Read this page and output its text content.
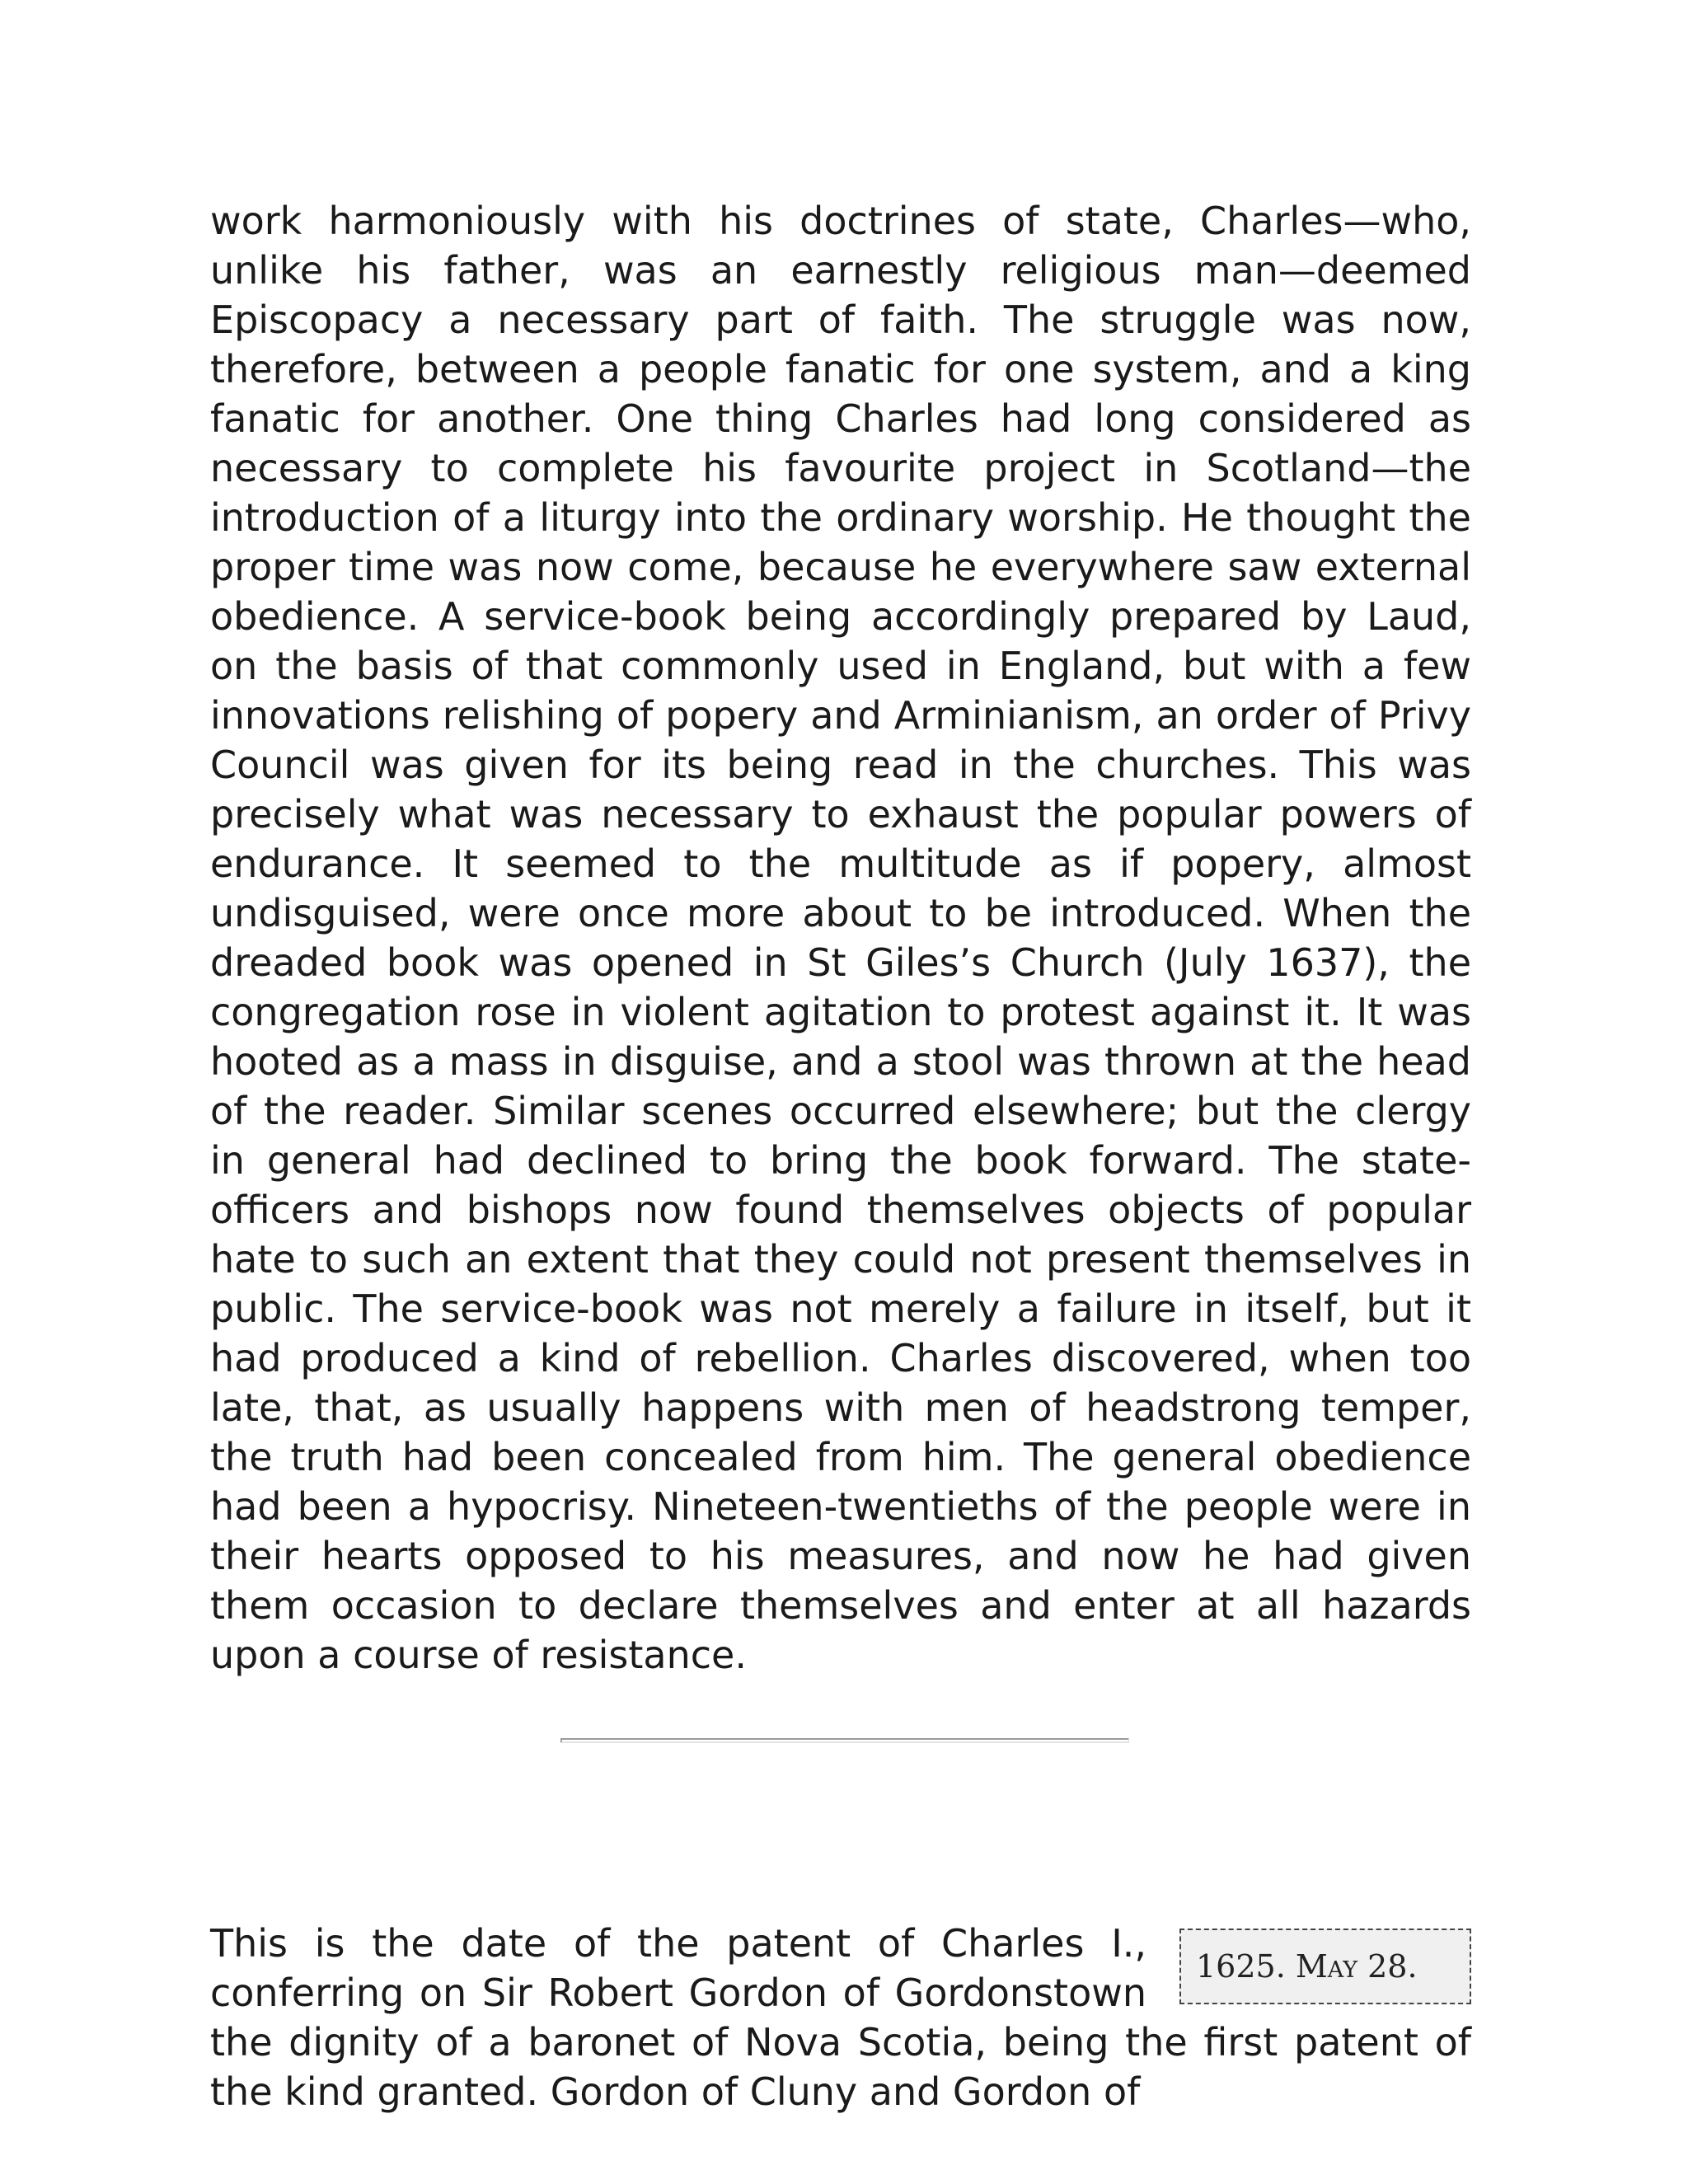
work harmoniously with his doctrines of state, Charles—who, unlike his father, was an earnestly religious man—deemed Episcopacy a necessary part of faith. The struggle was now, therefore, between a people fanatic for one system, and a king fanatic for another. One thing Charles had long considered as necessary to complete his favourite project in Scotland—the introduction of a liturgy into the ordinary worship. He thought the proper time was now come, because he everywhere saw external obedience. A service-book being accordingly prepared by Laud, on the basis of that commonly used in England, but with a few innovations relishing of popery and Arminianism, an order of Privy Council was given for its being read in the churches. This was precisely what was necessary to exhaust the popular powers of endurance. It seemed to the multitude as if popery, almost undisguised, were once more about to be introduced. When the dreaded book was opened in St Giles’s Church (July 1637), the congregation rose in violent agitation to protest against it. It was hooted as a mass in disguise, and a stool was thrown at the head of the reader. Similar scenes occurred elsewhere; but the clergy in general had declined to bring the book forward. The state-officers and bishops now found themselves objects of popular hate to such an extent that they could not present themselves in public. The service-book was not merely a failure in itself, but it had produced a kind of rebellion. Charles discovered, when too late, that, as usually happens with men of headstrong temper, the truth had been concealed from him. The general obedience had been a hypocrisy. Nineteen-twentieths of the people were in their hearts opposed to his measures, and now he had given them occasion to declare themselves and enter at all hazards upon a course of resistance.

1625. May 28.

This is the date of the patent of Charles I., conferring on Sir Robert Gordon of Gordonstown the dignity of a baronet of Nova Scotia, being the first patent of the kind granted. Gordon of Cluny and Gordon of
